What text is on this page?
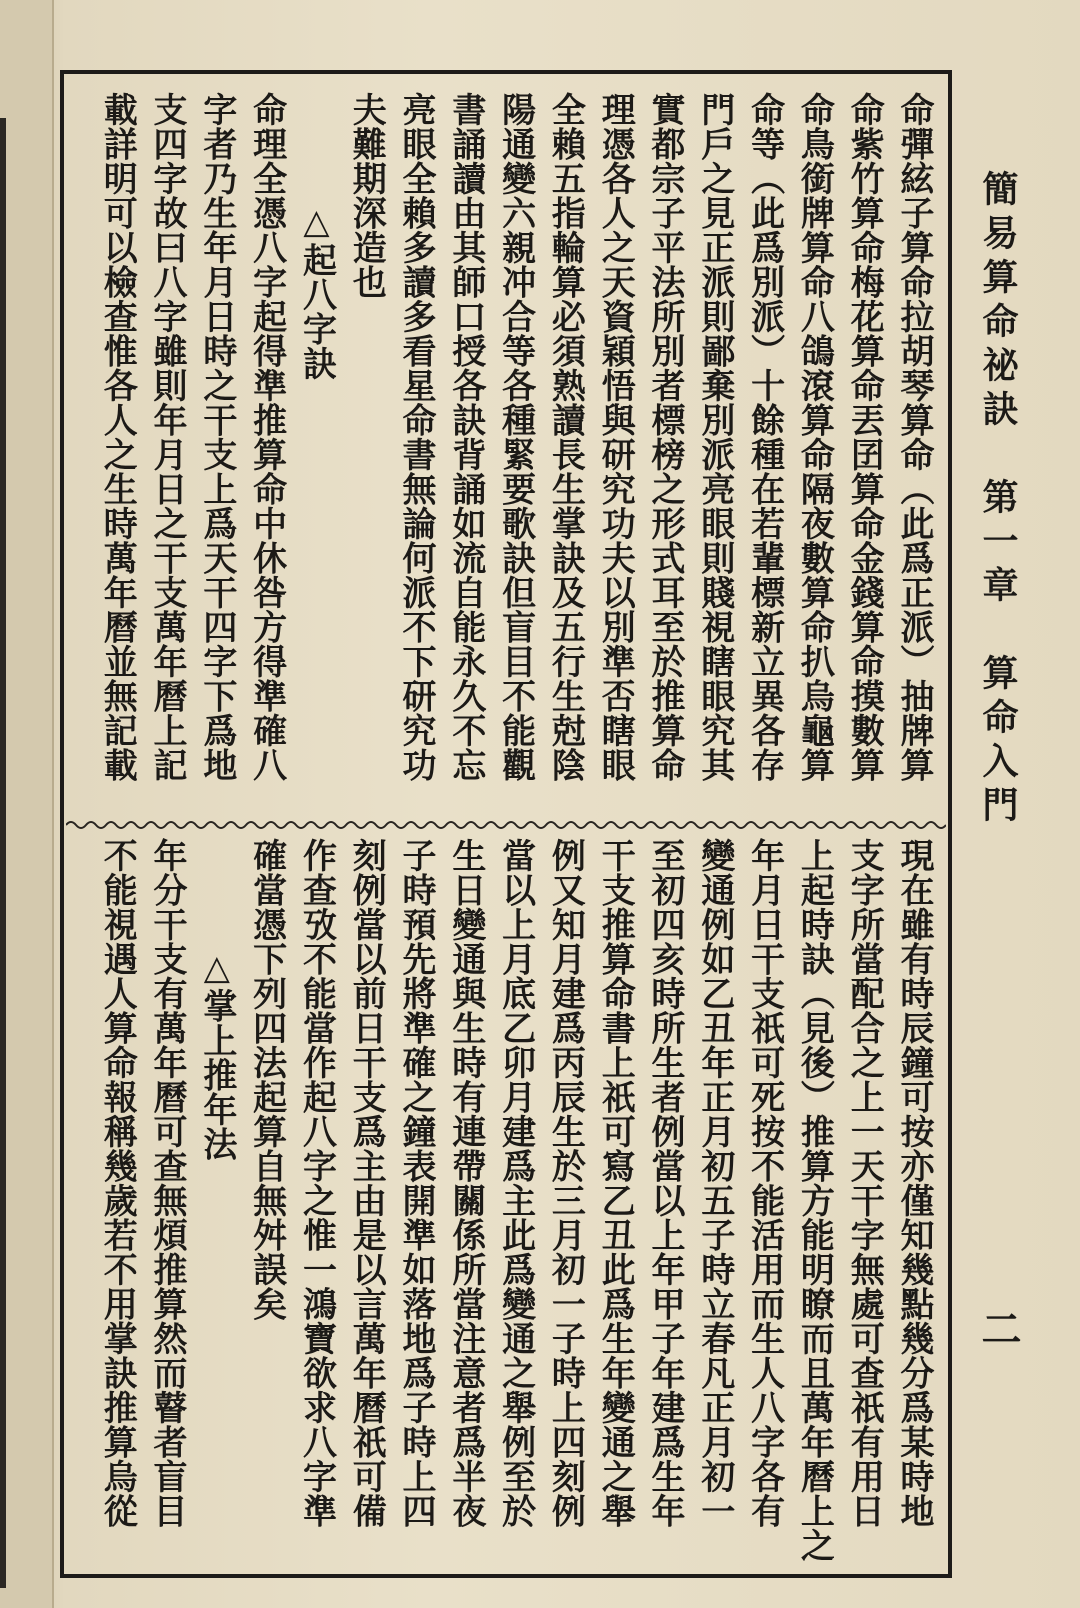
簡易算命祕訣　第一章　算命入門
二
命彈絃子算命拉胡琴算命（此爲正派）抽牌算
命紫竹算命梅花算命丟囝算命金錢算命摸數算
命鳥銜牌算命八鴿滾算命隔夜數算命扒烏龜算
命等（此爲別派）十餘種在若輩標新立異各存
門戶之見正派則鄙棄別派亮眼則賤視瞎眼究其
實都宗子平法所別者標榜之形式耳至於推算命
理憑各人之天資穎悟與研究功夫以別準否瞎眼
全賴五指輪算必須熟讀長生掌訣及五行生尅陰
陽通變六親冲合等各種緊要歌訣但盲目不能觀
書誦讀由其師口授各訣背誦如流自能永久不忘
亮眼全賴多讀多看星命書無論何派不下研究功
夫難期深造也
△起八字訣
命理全憑八字起得準推算命中休咎方得準確八
字者乃生年月日時之干支上爲天干四字下爲地
支四字故曰八字雖則年月日之干支萬年曆上記
載詳明可以檢查惟各人之生時萬年曆並無記載
現在雖有時辰鐘可按亦僅知幾點幾分爲某時地
支字所當配合之上一天干字無處可查祇有用日
上起時訣（見後）推算方能明瞭而且萬年曆上之
年月日干支祇可死按不能活用而生人八字各有
變通例如乙丑年正月初五子時立春凡正月初一
至初四亥時所生者例當以上年甲子年建爲生年
干支推算命書上祇可寫乙丑此爲生年變通之舉
例又知月建爲丙辰生於三月初一子時上四刻例
當以上月底乙卯月建爲主此爲變通之舉例至於
生日變通與生時有連帶關係所當注意者爲半夜
子時預先將準確之鐘表開準如落地爲子時上四
刻例當以前日干支爲主由是以言萬年曆祇可備
作查攷不能當作起八字之惟一鴻寶欲求八字準
確當憑下列四法起算自無舛誤矣
△掌上推年法
年分干支有萬年曆可查無煩推算然而瞽者盲目
不能視遇人算命報稱幾歲若不用掌訣推算烏從
